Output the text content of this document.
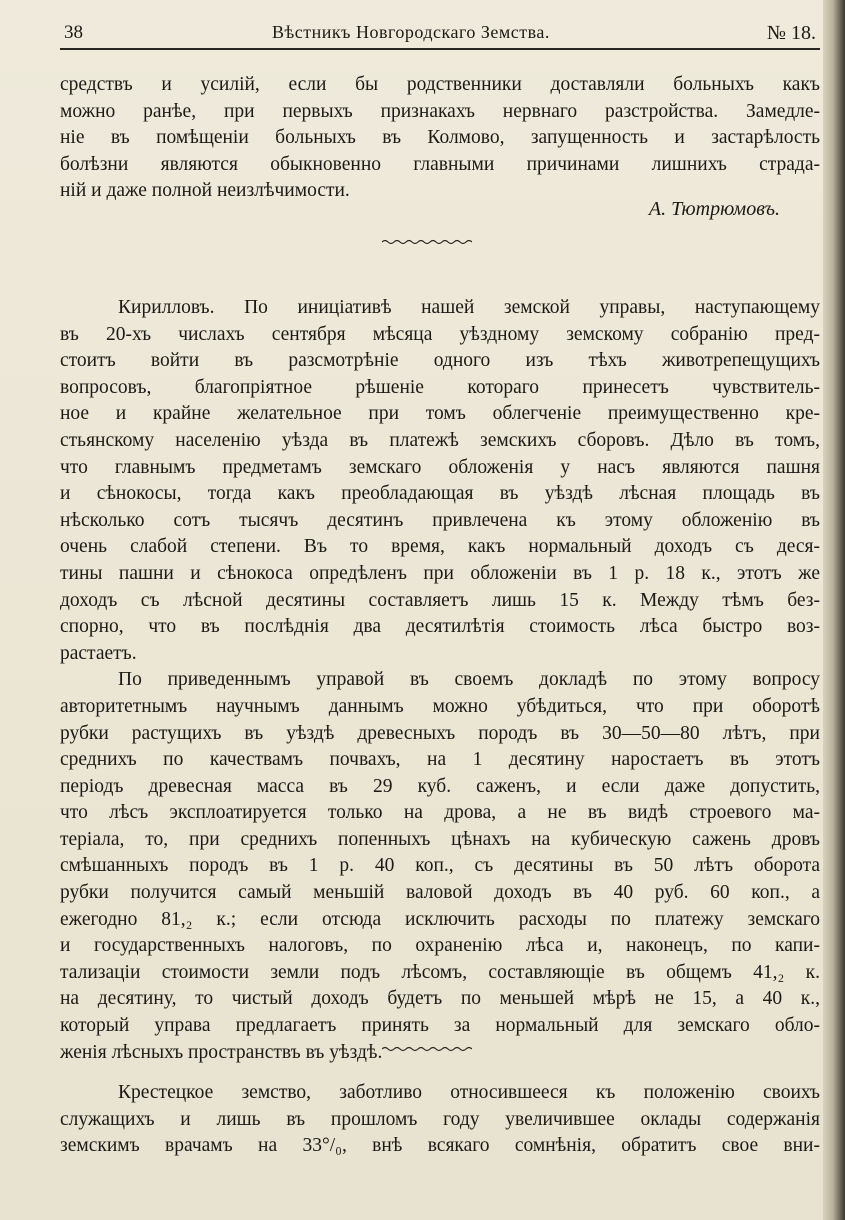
38	Вѣстникъ Новгородскаго Земства.	№ 18.
средствъ и усилій, если бы родственники доставляли больныхъ какъ
можно ранѣе, при первыхъ признакахъ нервнаго разстройства. Замедле-
ніе въ помѣщеніи больныхъ въ Колмово, запущенность и застарѣлость
болѣзни являются обыкновенно главными причинами лишнихъ страда-
ній и даже полной неизлѣчимости.
А. Тютрюмовъ.
Кирилловъ. По иниціативѣ нашей земской управы, наступающему
въ 20-хъ числахъ сентября мѣсяца уѣздному земскому собранію пред-
стоитъ войти въ разсмотрѣніе одного изъ тѣхъ животрепещущихъ
вопросовъ, благопріятное рѣшеніе котораго принесетъ чувствитель-
ное и крайне желательное при томъ облегченіе преимущественно кре-
стьянскому населенію уѣзда въ платежѣ земскихъ сборовъ. Дѣло въ томъ,
что главнымъ предметамъ земскаго обложенія у насъ являются пашня
и сѣнокосы, тогда какъ преобладающая въ уѣздѣ лѣсная площадь въ
нѣсколько сотъ тысячъ десятинъ привлечена къ этому обложенію въ
очень слабой степени. Въ то время, какъ нормальный доходъ съ деся-
тины пашни и сѣнокоса опредѣленъ при обложеніи въ 1 р. 18 к., этотъ же
доходъ съ лѣсной десятины составляетъ лишь 15 к. Между тѣмъ без-
спорно, что въ послѣднія два десятилѣтія стоимость лѣса быстро воз-
растаетъ.
По приведеннымъ управой въ своемъ докладѣ по этому вопросу
авторитетнымъ научнымъ даннымъ можно убѣдиться, что при оборотѣ
рубки растущихъ въ уѣздѣ древесныхъ породъ въ 30—50—80 лѣтъ, при
среднихъ по качествамъ почвахъ, на 1 десятину наростаетъ въ этотъ
періодъ древесная масса въ 29 куб. саженъ, и если даже допустить,
что лѣсъ эксплоатируется только на дрова, а не въ видѣ строевого ма-
теріала, то, при среднихъ попенныхъ цѣнахъ на кубическую сажень дровъ
смѣшанныхъ породъ въ 1 р. 40 коп., съ десятины въ 50 лѣтъ оборота
рубки получится самый меньшій валовой доходъ въ 40 руб. 60 коп., а
ежегодно 81,₂ к.; если отсюда исключить расходы по платежу земскаго
и государственныхъ налоговъ, по охраненію лѣса и, наконецъ, по капи-
тализаціи стоимости земли подъ лѣсомъ, составляющіе въ общемъ 41,₂ к.
на десятину, то чистый доходъ будетъ по меньшей мѣрѣ не 15, а 40 к.,
который управа предлагаетъ принять за нормальный для земскаго обло-
женія лѣсныхъ пространствъ въ уѣздѣ.
Крестецкое земство, заботливо относившееся къ положенію своихъ
служащихъ и лишь въ прошломъ году увеличившее оклады содержанія
земскимъ врачамъ на 33°/₀, внѣ всякаго сомнѣнія, обратитъ свое вни-
